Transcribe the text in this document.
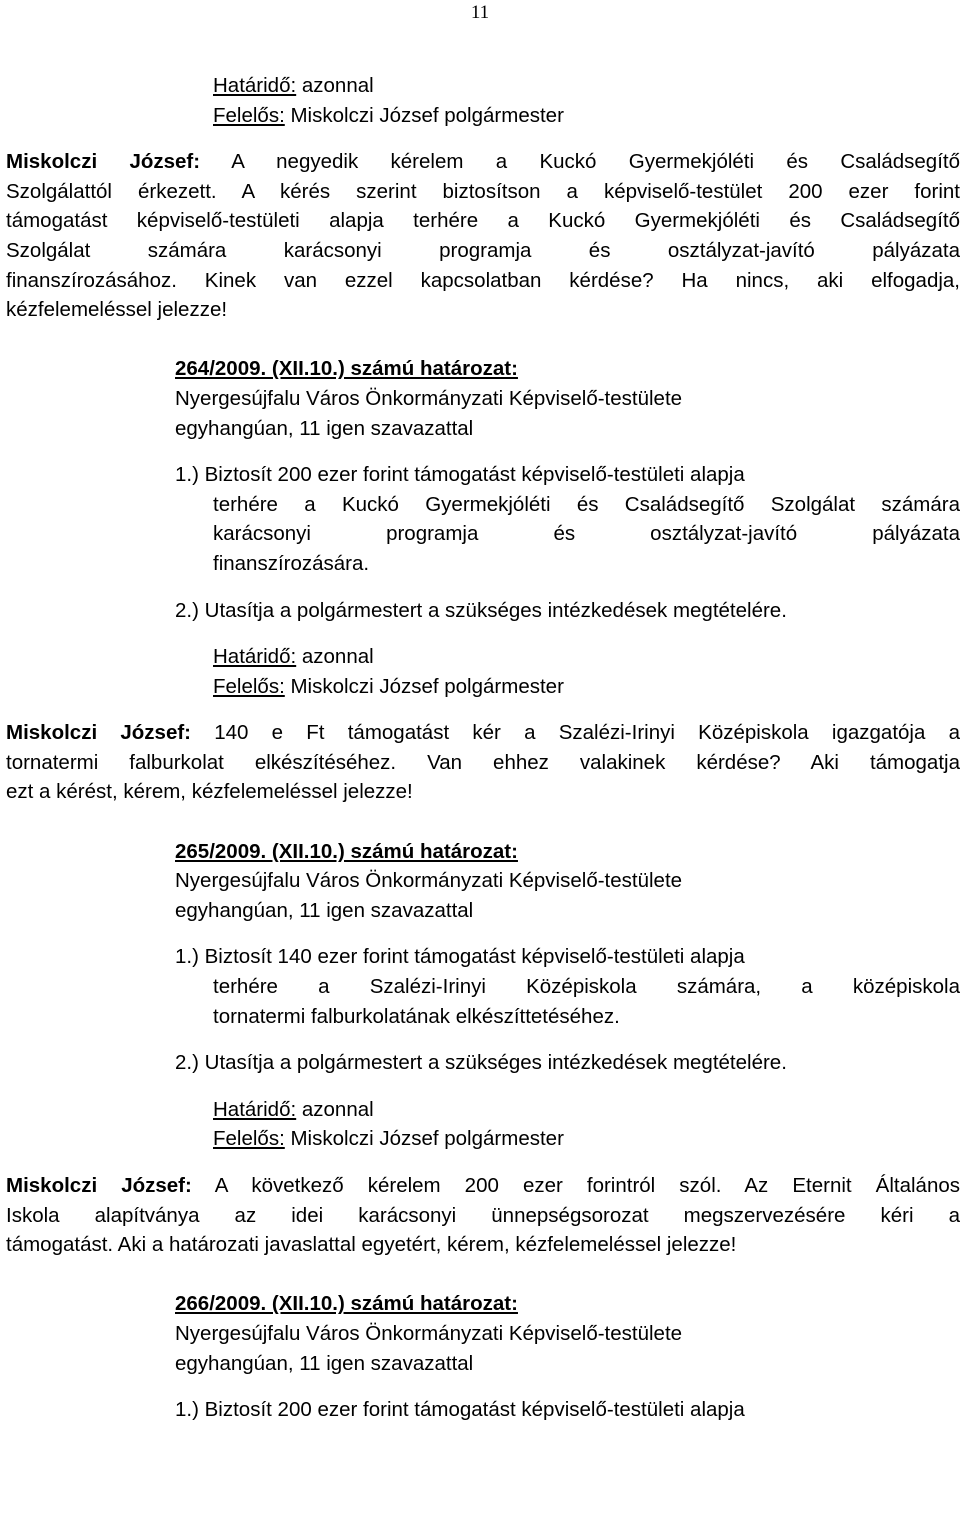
11

Határidő: azonnal

Felelős: Miskolczi József polgármester

Miskolczi József: A negyedik kérelem a Kuckó Gyermekjóléti és Családsegítő

Szolgálattól érkezett. A kérés szerint biztosítson a képviselő-testület 200 ezer forint

támogatást képviselő-testületi alapja terhére a Kuckó Gyermekjóléti és Családsegítő

Szolgálat számára karácsonyi programja és osztályzat-javító pályázata

finanszírozásához. Kinek van ezzel kapcsolatban kérdése? Ha nincs, aki elfogadja,

kézfelemeléssel jelezze!

264/2009. (XII.10.) számú határozat:

Nyergesújfalu Város Önkormányzati Képviselő-testülete

egyhangúan, 11 igen szavazattal

1.) Biztosít 200 ezer forint támogatást képviselő-testületi alapja

terhére a Kuckó Gyermekjóléti és Családsegítő Szolgálat számára

karácsonyi programja és osztályzat-javító pályázata

finanszírozására.

2.) Utasítja a polgármestert a szükséges intézkedések megtételére.

Határidő: azonnal

Felelős: Miskolczi József polgármester

Miskolczi József: 140 e Ft támogatást kér a Szalézi-Irinyi Középiskola igazgatója a

tornatermi falburkolat elkészítéséhez. Van ehhez valakinek kérdése? Aki támogatja

ezt a kérést, kérem, kézfelemeléssel jelezze!

265/2009. (XII.10.) számú határozat:

Nyergesújfalu Város Önkormányzati Képviselő-testülete

egyhangúan, 11 igen szavazattal

1.) Biztosít 140 ezer forint támogatást képviselő-testületi alapja

terhére a Szalézi-Irinyi Középiskola számára, a középiskola

tornatermi falburkolatának elkészíttetéséhez.

2.) Utasítja a polgármestert a szükséges intézkedések megtételére.

Határidő: azonnal

Felelős: Miskolczi József polgármester

Miskolczi József: A következő kérelem 200 ezer forintról szól. Az Eternit Általános

Iskola alapítványa az idei karácsonyi ünnepségsorozat megszervezésére kéri a

támogatást. Aki a határozati javaslattal egyetért, kérem, kézfelemeléssel jelezze!

266/2009. (XII.10.) számú határozat:

Nyergesújfalu Város Önkormányzati Képviselő-testülete

egyhangúan, 11 igen szavazattal

1.) Biztosít 200 ezer forint támogatást képviselő-testületi alapja
